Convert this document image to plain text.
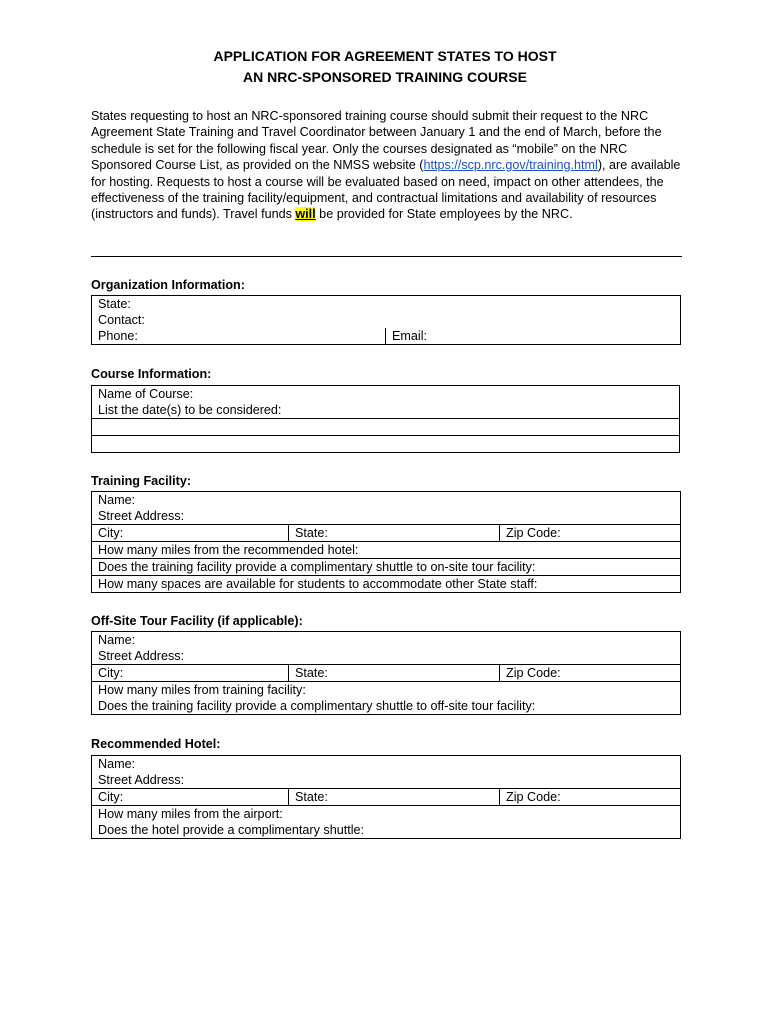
APPLICATION FOR AGREEMENT STATES TO HOST
AN NRC-SPONSORED TRAINING COURSE
States requesting to host an NRC-sponsored training course should submit their request to the NRC Agreement State Training and Travel Coordinator between January 1 and the end of March, before the schedule is set for the following fiscal year. Only the courses designated as “mobile” on the NRC Sponsored Course List, as provided on the NMSS website (https://scp.nrc.gov/training.html), are available for hosting. Requests to host a course will be evaluated based on need, impact on other attendees, the effectiveness of the training facility/equipment, and contractual limitations and availability of resources (instructors and funds). Travel funds will be provided for State employees by the NRC.
Organization Information:
State:
Contact:
Phone:	Email:
Course Information:
Name of Course:
List the date(s) to be considered:

Training Facility:
Name:
Street Address:
City:	State:	Zip Code:
How many miles from the recommended hotel:
Does the training facility provide a complimentary shuttle to on-site tour facility:
How many spaces are available for students to accommodate other State staff:
Off-Site Tour Facility (if applicable):
Name:
Street Address:
City:	State:	Zip Code:
How many miles from training facility:
Does the training facility provide a complimentary shuttle to off-site tour facility:
Recommended Hotel:
Name:
Street Address:
City:	State:	Zip Code:
How many miles from the airport:
Does the hotel provide a complimentary shuttle:
